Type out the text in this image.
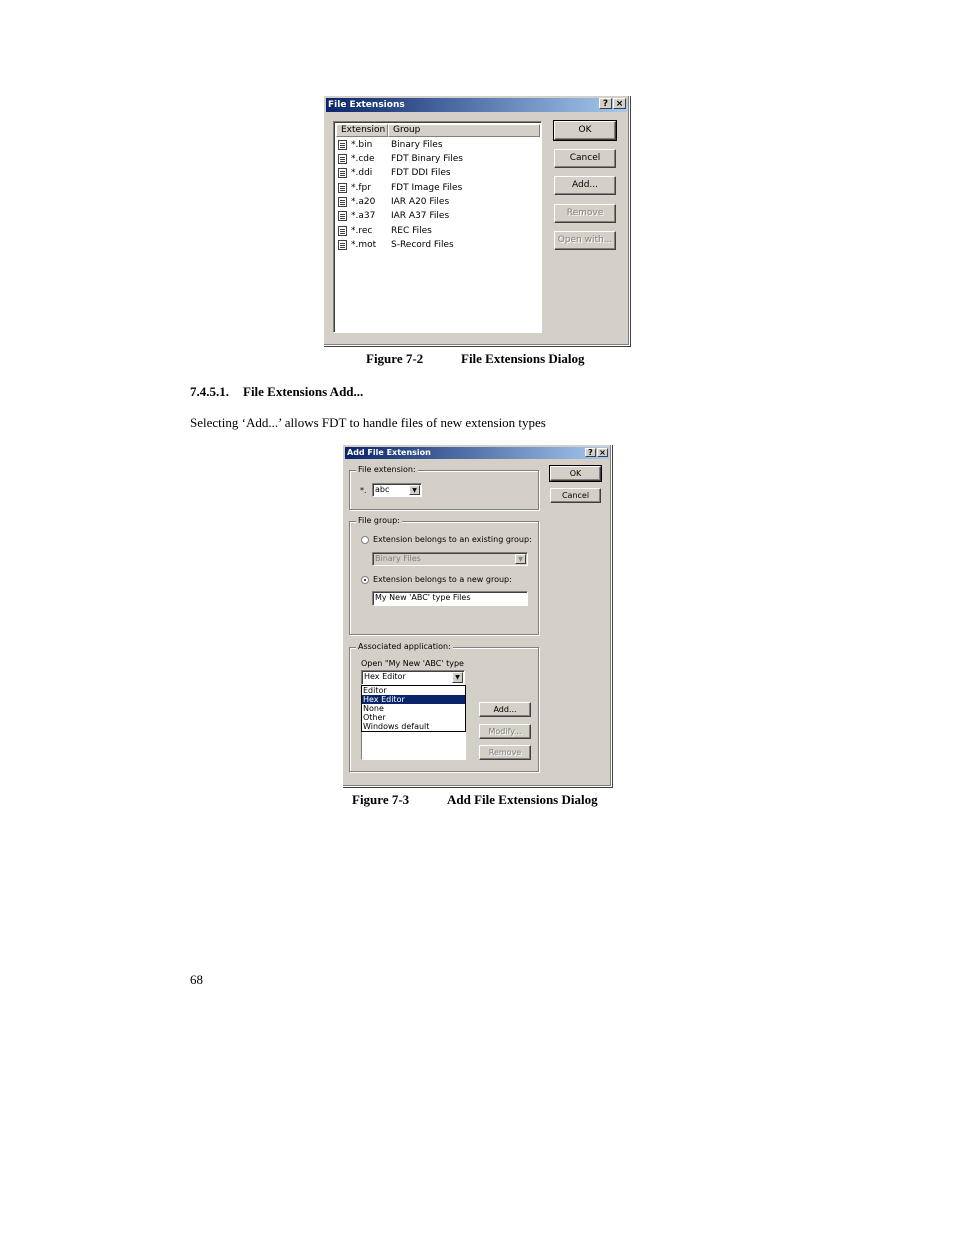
File Extensions	? ×
Extension Group
*.bin Binary Files
*.cde FDT Binary Files
*.ddi FDT DDI Files
*.fpr FDT Image Files
*.a20 IAR A20 Files
*.a37 IAR A37 Files
*.rec REC Files
*.mot S-Record Files
OK
Cancel
Add...
Remove
Open with...
Figure 7-2	File Extensions Dialog
7.4.5.1. File Extensions Add...
Selecting ‘Add...’ allows FDT to handle files of new extension types
Add File Extension	? ×
OK
Cancel
File extension:
*.	abc	▼
File group:
Extension belongs to an existing group:
Binary Files	▼
Extension belongs to a new group:
My New 'ABC' type Files
Associated application:
Open "My New 'ABC' type
Hex Editor	▼
Editor
Hex Editor
None
Other
Windows default
Add...
Modify...
Remove
Figure 7-3	Add File Extensions Dialog
68
